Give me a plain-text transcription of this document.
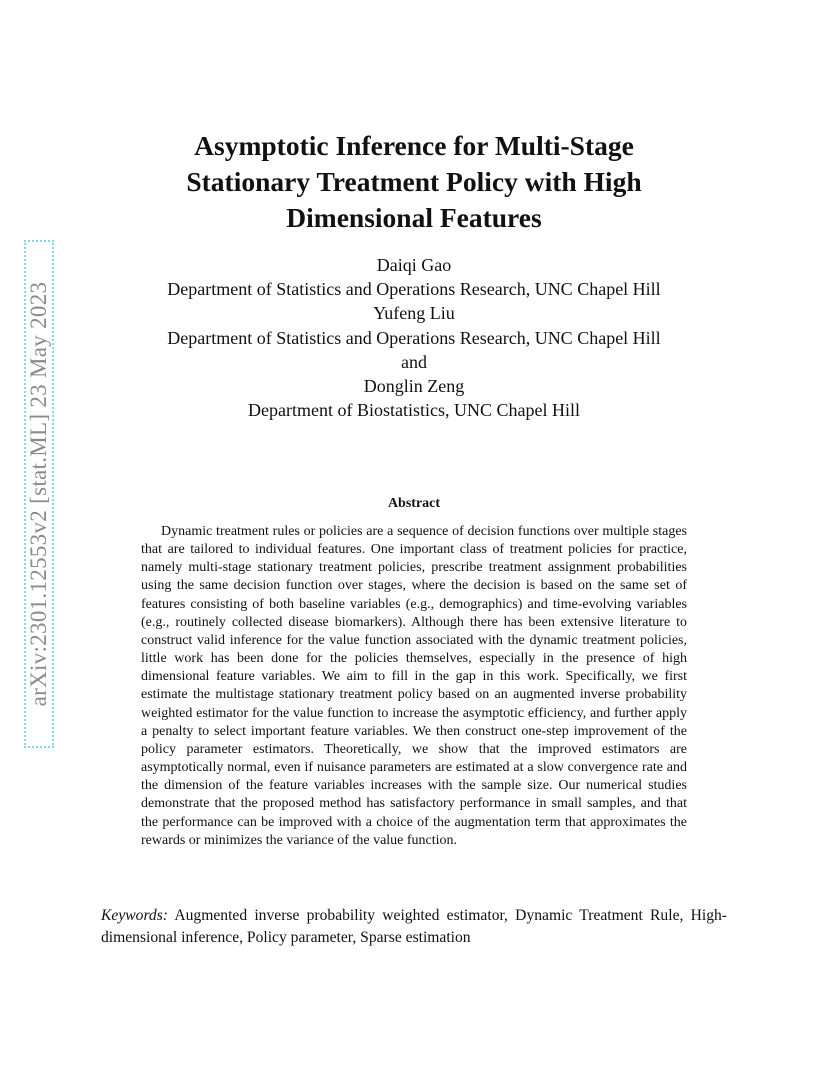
arXiv:2301.12553v2 [stat.ML] 23 May 2023
Asymptotic Inference for Multi-Stage
Stationary Treatment Policy with High
Dimensional Features
Daiqi Gao
Department of Statistics and Operations Research, UNC Chapel Hill
Yufeng Liu
Department of Statistics and Operations Research, UNC Chapel Hill
and
Donglin Zeng
Department of Biostatistics, UNC Chapel Hill
Abstract

Dynamic treatment rules or policies are a sequence of decision functions over multiple stages that are tailored to individual features. One important class of treatment policies for practice, namely multi-stage stationary treatment policies, prescribe treatment assignment probabilities using the same decision function over stages, where the decision is based on the same set of features consisting of both baseline variables (e.g., demographics) and time-evolving variables (e.g., routinely collected disease biomarkers). Although there has been extensive literature to construct valid inference for the value function associated with the dynamic treatment policies, little work has been done for the policies themselves, especially in the presence of high dimensional feature variables. We aim to fill in the gap in this work. Specifically, we first estimate the multistage stationary treatment policy based on an augmented inverse probability weighted estimator for the value function to increase the asymptotic efficiency, and further apply a penalty to select important feature variables. We then construct one-step improvement of the policy parameter estimators. Theoretically, we show that the improved estimators are asymptotically normal, even if nuisance parameters are estimated at a slow convergence rate and the dimension of the feature variables increases with the sample size. Our numerical studies demonstrate that the proposed method has satisfactory performance in small samples, and that the performance can be improved with a choice of the augmentation term that approximates the rewards or minimizes the variance of the value function.

Keywords: Augmented inverse probability weighted estimator, Dynamic Treatment Rule, High-dimensional inference, Policy parameter, Sparse estimation
